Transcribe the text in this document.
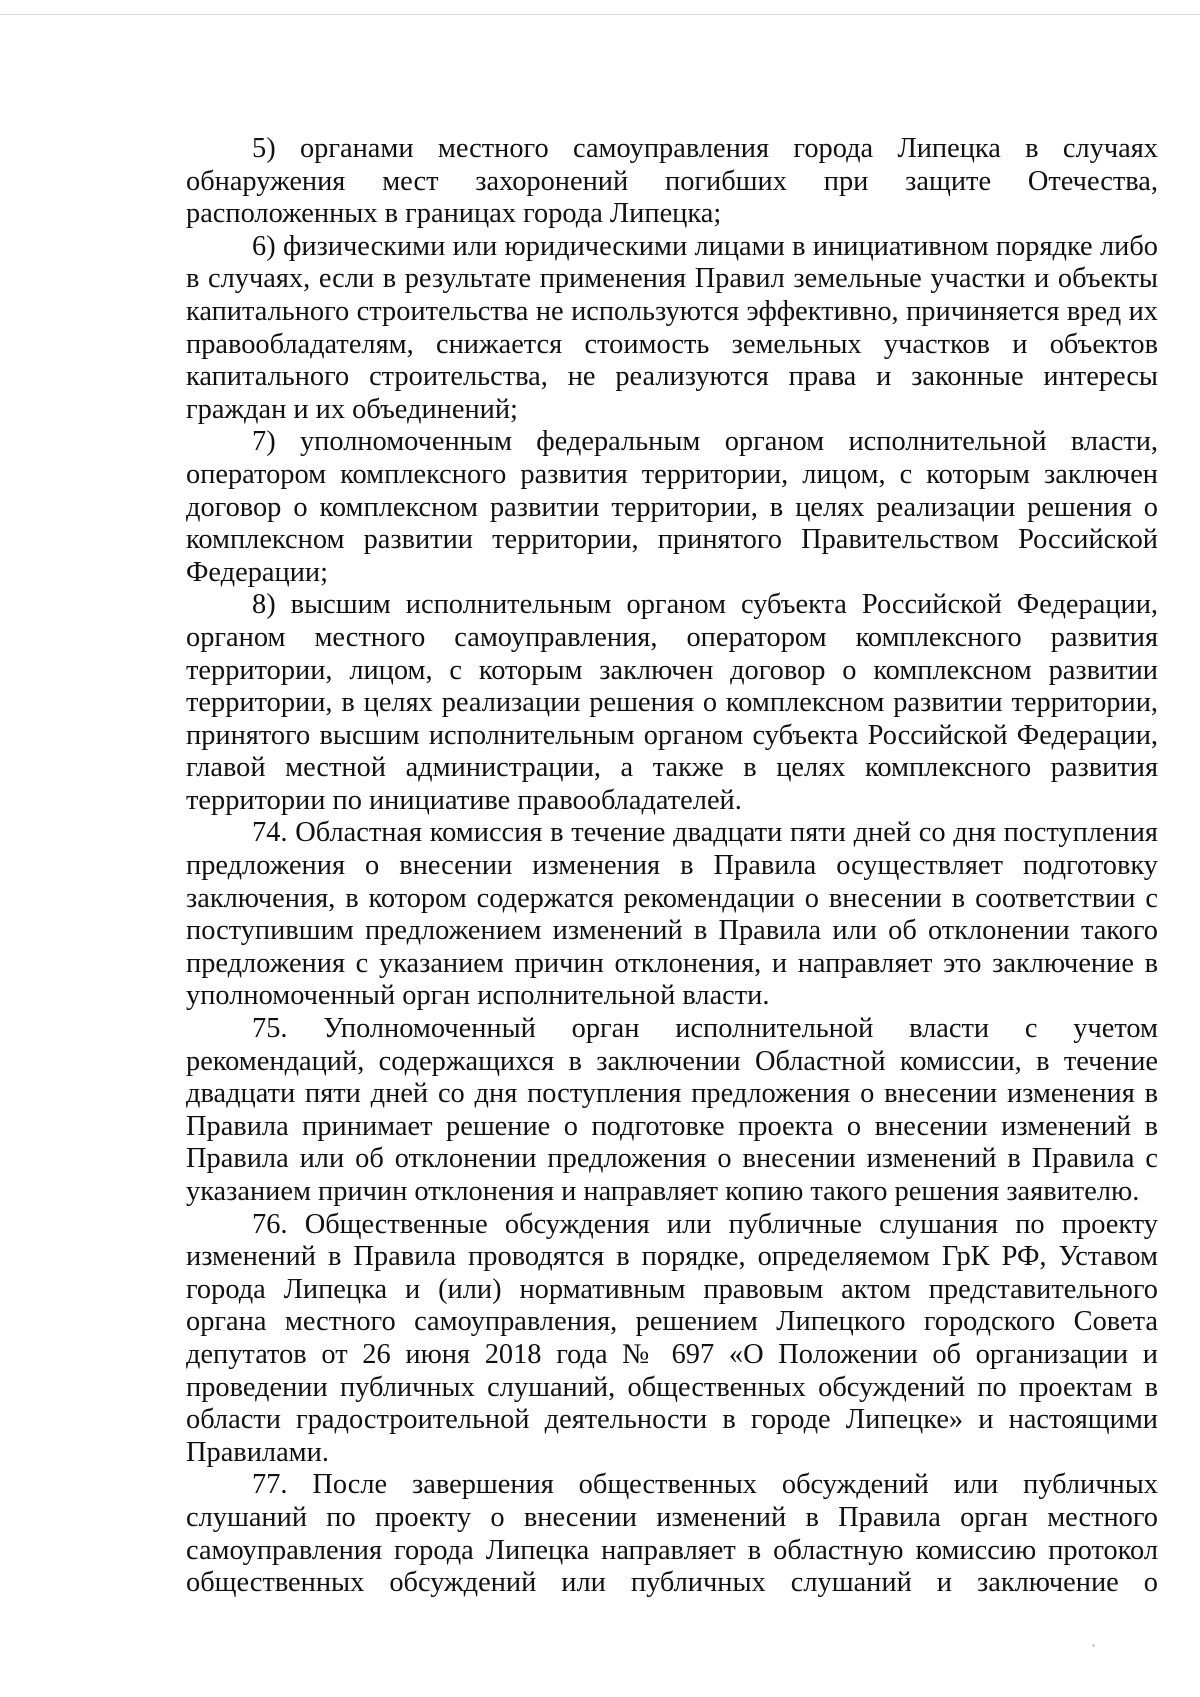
5) органами местного самоуправления города Липецка в случаях
обнаружения мест захоронений погибших при защите Отечества,
расположенных в границах города Липецка;
6) физическими или юридическими лицами в инициативном порядке либо
в случаях, если в результате применения Правил земельные участки и объекты
капитального строительства не используются эффективно, причиняется вред их
правообладателям, снижается стоимость земельных участков и объектов
капитального строительства, не реализуются права и законные интересы
граждан и их объединений;
7) уполномоченным федеральным органом исполнительной власти,
оператором комплексного развития территории, лицом, с которым заключен
договор о комплексном развитии территории, в целях реализации решения о
комплексном развитии территории, принятого Правительством Российской
Федерации;
8) высшим исполнительным органом субъекта Российской Федерации,
органом местного самоуправления, оператором комплексного развития
территории, лицом, с которым заключен договор о комплексном развитии
территории, в целях реализации решения о комплексном развитии территории,
принятого высшим исполнительным органом субъекта Российской Федерации,
главой местной администрации, а также в целях комплексного развития
территории по инициативе правообладателей.
74. Областная комиссия в течение двадцати пяти дней со дня поступления
предложения о внесении изменения в Правила осуществляет подготовку
заключения, в котором содержатся рекомендации о внесении в соответствии с
поступившим предложением изменений в Правила или об отклонении такого
предложения с указанием причин отклонения, и направляет это заключение в
уполномоченный орган исполнительной власти.
75. Уполномоченный орган исполнительной власти с учетом
рекомендаций, содержащихся в заключении Областной комиссии, в течение
двадцати пяти дней со дня поступления предложения о внесении изменения в
Правила принимает решение о подготовке проекта о внесении изменений в
Правила или об отклонении предложения о внесении изменений в Правила с
указанием причин отклонения и направляет копию такого решения заявителю.
76. Общественные обсуждения или публичные слушания по проекту
изменений в Правила проводятся в порядке, определяемом ГрК РФ, Уставом
города Липецка и (или) нормативным правовым актом представительного
органа местного самоуправления, решением Липецкого городского Совета
депутатов от 26 июня 2018 года № 697 «О Положении об организации и
проведении публичных слушаний, общественных обсуждений по проектам в
области градостроительной деятельности в городе Липецке» и настоящими
Правилами.
77. После завершения общественных обсуждений или публичных
слушаний по проекту о внесении изменений в Правила орган местного
самоуправления города Липецка направляет в областную комиссию протокол
общественных обсуждений или публичных слушаний и заключение о
